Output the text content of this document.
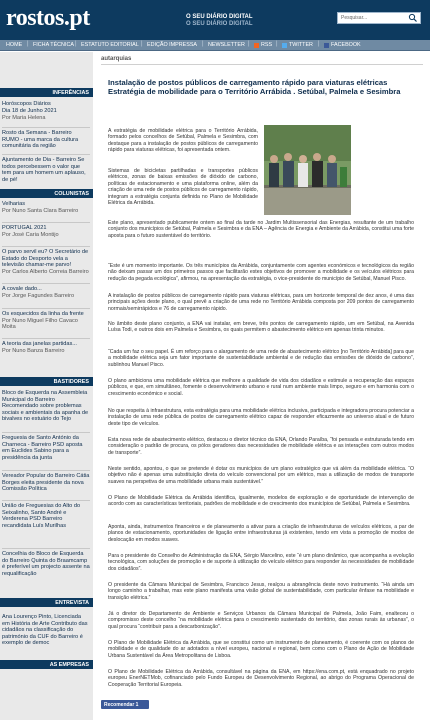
rostos.pt	O SEU DIÁRIO DIGITAL
O SEU DIÁRIO DIGITAL
Pesquisar...
HOME | FICHA TÉCNICA | ESTATUTO EDITORIAL | EDIÇÃO IMPRESSA | NEWSLETTER | RSS | TWITTER | FACEBOOK
INFERÊNCIAS
Horóscopos Diários
Dia 18 de Junho 2021
Por Maria Helena
Rosto da Semana - Barreiro RUMO - uma marca da cultura comunitária da região
Ajuntamento de Dia - Barreiro Se todos percebessem o valor que tem para um homem um aplauso, de pé!
COLUNISTAS
Velharias
Por Nuno Santa Clara Barreiro
PORTUGAL 2021
Por José Caria Montijo
O parvo servil eu? O Secretário de Estado do Desporto vela a televisão chamar-me parvo!
Por Carlos Alberto Correia Barreiro
A covale dado...
Por Jorge Fagundes Barreiro
Os esquecidos da linha da frente
Por Nuno Miguel Filho Cavaco Moita
A teoria das janelas partidas...
Por Nuno Banza Barreiro
BASTIDORES
Bloco de Esquerda na Assembleia Municipal do Barreiro Recomendado sobre problemas sociais e ambientais da apanha de bivalves no estuário do Tejo
Freguesia de Santo António da Charneca - Barreiro PSD aposta em Euclides Sabino para a presidência da junta
Vereador Popular do Barreiro Cátia Borges eleita presidente da nova Comissão Política
União de Freguesias do Alto do Seixalinho, Santo André e Verderena PSD Barreiro recandidata Luís Murilhas
Concelhia do Bloco de Esquerda do Barreiro Quinta do Braamcamp é preferível um projecto assente na requalificação
ENTREVISTA
Ana Lourenço Pinto, Licenciada em História de Arte Contributo das cidadãos na classificação do património da CUF do Barreiro é exemplo de democ
AS EMPRESAS
autarquias
Instalação de postos públicos de carregamento rápido para viaturas elétricas Estratégia de mobilidade para o Território Arrábida . Setúbal, Palmela e Sesimbra
A estratégia de mobilidade elétrica para o Território Arrábida, formado pelos concelhos de Setúbal, Palmela e Sesimbra, com destaque para a instalação de postos públicos de carregamento rápido para viaturas elétricas, foi apresentada ontem.
Sistemas de bicicletas partilhadas e transportes públicos elétricos, zonas de baixas emissões de dióxido de carbono, políticas de estacionamento e uma plataforma online, além da criação de uma rede de postos públicos de carregamento rápido, integram a estratégia conjunta definida no Plano de Mobilidade Elétrica da Arrábida.
Este plano, apresentado publicamente ontem ao final da tarde no Jardim Multissensorial das Energias, resultante de um trabalho conjunto dos municípios de Setúbal, Palmela e Sesimbra e da ENA – Agência de Energia e Ambiente da Arrábida, constitui uma forte aposta para o futuro sustentável do território.
“Este é um momento importante. Os três municípios da Arrábida, conjuntamente com agentes económicos e tecnológicos da região não deixam passar um dos primeiros passos que facilitarão estes objetivos de promover a mobilidade e os veículos elétricos para redução da pegada ecológica”, afirmou, na apresentação da estratégia, o vice-presidente do município de Setúbal, Manuel Pisco.
A instalação de postos públicos de carregamento rápido para viaturas elétricas, para um horizonte temporal de dez anos, é uma das principais ações deste plano, o qual prevê a criação de uma rede no Território Arrábida composta por 209 pontos de carregamento normais/semirrápidos e 76 de carregamento rápido.
No âmbito deste plano conjunto, a ENA vai instalar, em breve, três pontos de carregamento rápido, um em Setúbal, na Avenida Luísa Todi, e outros dois em Palmela e Sesimbra, os quais permitem o abastecimento elétrico em apenas trinta minutos.
“Cada um faz o seu papel. É um reforço para o alargamento de uma rede de abastecimento elétrico [no Território Arrábida] para que a mobilidade elétrica seja um fator importante de sustentabilidade ambiental e de redução das emissões de dióxido de carbono”, sublinhou Manuel Pisco.
O plano ambiciona uma mobilidade elétrica que melhore a qualidade de vida dos cidadãos e estimule a recuperação das espaços públicos, e que, em simultâneo, fomente o desenvolvimento urbano e rural num ambiente mais limpo, seguro e em harmonia com o crescimento económico e social.
No que respeita à infraestrutura, esta estratégia para uma mobilidade elétrica inclusiva, participada e integradora procura potenciar a instalação de uma rede pública de postos de carregamento elétrico capaz de responder eficazmente ao universo atual e de futuro deste tipo de veículos.
Esta nova rede de abastecimento elétrico, destacou o diretor técnico da ENA, Orlando Paraíba, “foi pensada e estruturada tendo em consideração o padrão de procura, os pólos geradores das necessidades de mobilidade elétrica e as interações com outros modos de transporte”.
Neste sentido, apontou, o que se pretende é dotar os municípios de um plano estratégico que vá além da mobilidade elétrica. “O objetivo não é apenas uma substituição direta do veículo convencional por um elétrico, mas a utilização de modos de transporte suaves na perspetiva de uma mobilidade urbana mais sustentável.”
O Plano de Mobilidade Elétrica da Arrábida identifica, igualmente, modelos de exploração e de oportunidade de intervenção de acordo com as características territoriais, padrões de mobilidade e de crescimento dos municípios de Setúbal, Palmela e Sesimbra.
Aponta, ainda, instrumentos financeiros e de planeamento a ativar para a criação de infraestruturas de veículos elétricos, a par de planos de estacionamento, oportunidades de ligação entre infraestruturas já existentes, tendo em vista a promoção de modos de deslocação em modos suaves.
Para o presidente do Conselho de Administração da ENA, Sérgio Marcelino, este “é um plano dinâmico, que acompanha a evolução tecnológica, com soluções de promoção e de suporte à utilização do veículo elétrico para responder às necessidades de mobilidade dos cidadãos”.
O presidente da Câmara Municipal de Sesimbra, Francisco Jesus, realçou a abrangência deste novo instrumento. “Há ainda um longo caminho a trabalhar, mas este plano manifesta uma visão global de sustentabilidade, com particular ênfase na mobilidade e transição elétrica.”
Já o diretor do Departamento de Ambiente e Serviços Urbanos da Câmara Municipal de Palmela, João Faim, enalteceu o compromisso deste concelho “na mobilidade elétrica para o crescimento sustentado do território, das zonas rurais às urbanas”, o qual procura “contribuir para a descarbonização”.
O Plano de Mobilidade Elétrica da Arrábida, que se constitui como um instrumento de planeamento, é coerente com os planos de mobilidade e de qualidade do ar adotados a nível europeu, nacional e regional, bem como com o Plano de Ação de Mobilidade Urbana Sustentável da Área Metropolitana de Lisboa.
O Plano de Mobilidade Elétrica da Arrábida, consultável na página da ENA, em https://ena.com.pt, está enquadrado no projeto europeu EnerNETMob, cofinanciado pelo Fundo Europeu de Desenvolvimento Regional, ao abrigo do Programa Operacional de Cooperação Territorial Europeia.
Recomendar 1
